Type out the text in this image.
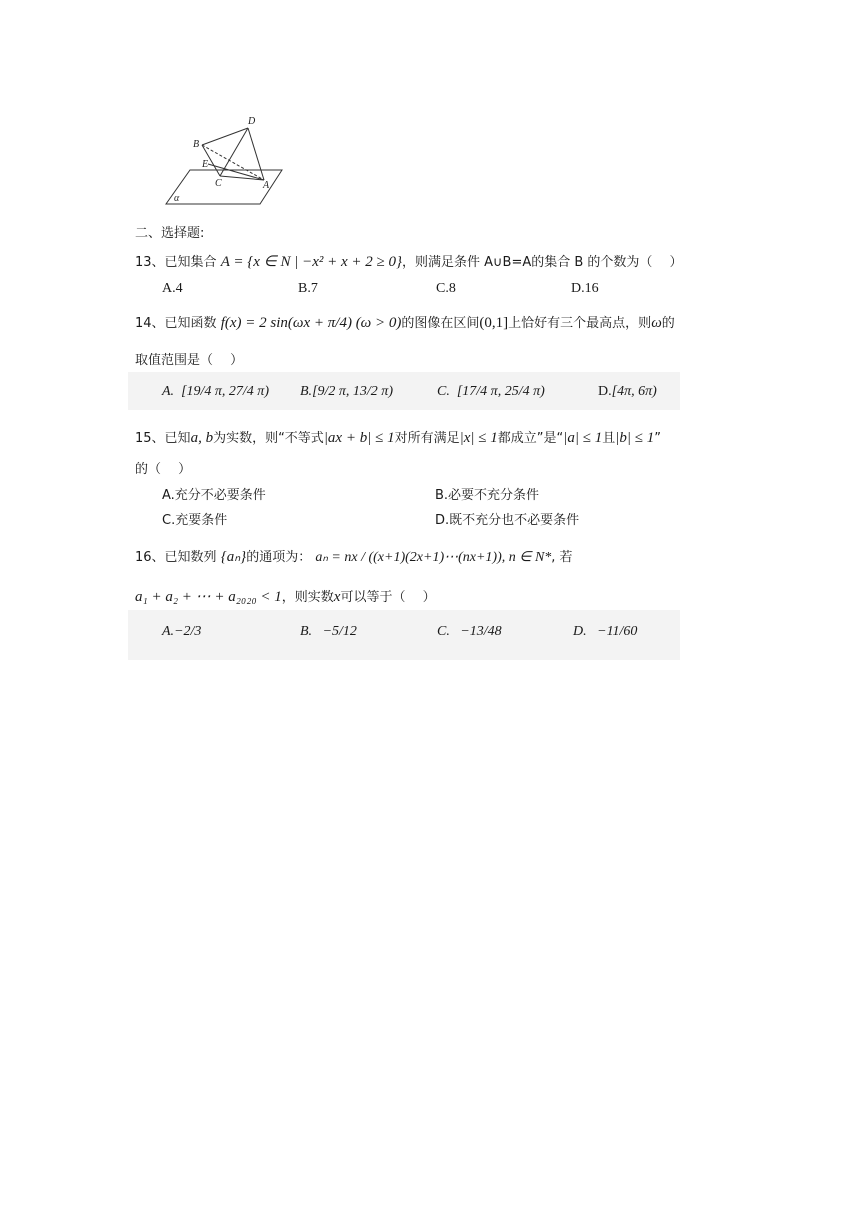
B
D
E
C	A
α
二、选择题:
13、已知集合 A = {x ∈ N | −x² + x + 2 ≥ 0}，则满足条件 A∪B=A的集合 B 的个数为（　 ）
A.4	B.7	C.8	D.16
14、已知函数 f(x) = 2 sin(ωx + π/4) (ω > 0)的图像在区间(0,1]上恰好有三个最高点，则ω的
取值范围是（　 ）
A. [19/4 π, 27/4 π) B.[9/2 π, 13/2 π)	C. [17/4 π, 25/4 π)	D.[4π, 6π)
15、已知a, b为实数，则“不等式|ax + b| ≤ 1对所有满足|x| ≤ 1都成立”是“|a| ≤ 1且|b| ≤ 1”
的（　 ）
A.充分不必要条件	B.必要不充分条件
C.充要条件	D.既不充分也不必要条件
16、已知数列 {aₙ}的通项为： aₙ = nx / ((x+1)(2x+1)⋯(nx+1)), n ∈ N*, 若
a₁ + a₂ + ⋯ + a₂₀₂₀ < 1，则实数x可以等于（　 ）
A.−2/3	B. −5/12	C. −13/48	D. −11/60
